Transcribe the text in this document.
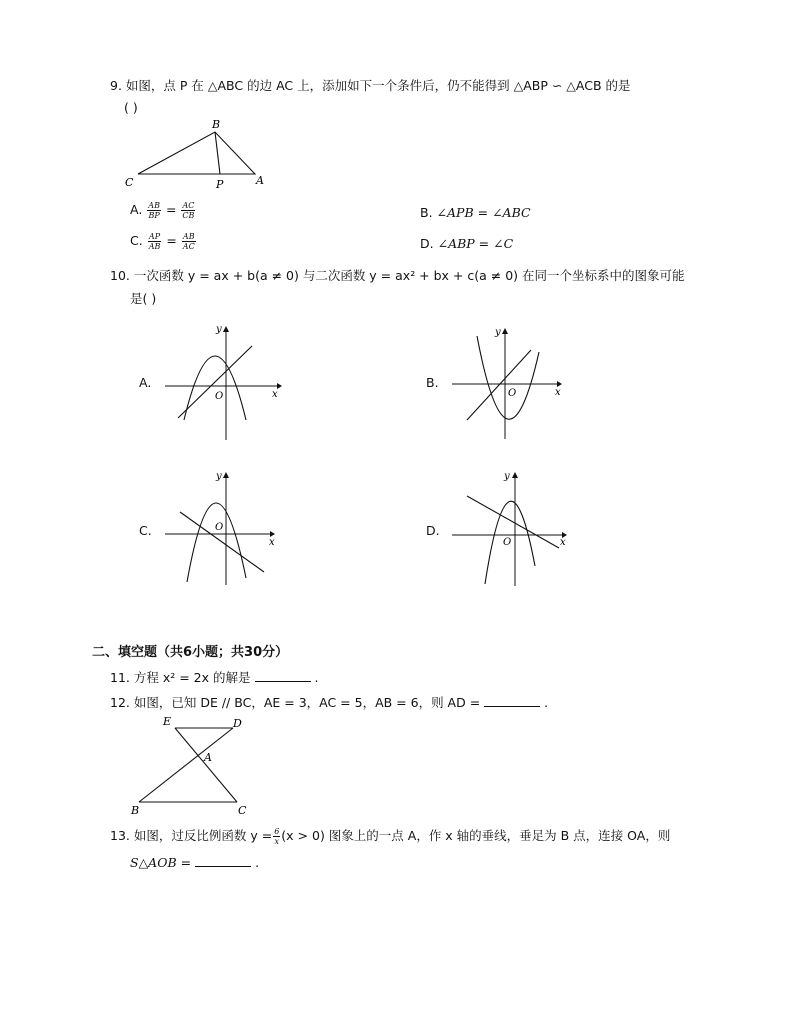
9. 如图，点 P 在 △ABC 的边 AC 上，添加如下一个条件后，仍不能得到 △ABP ∽ △ACB 的是
( )
B
C	P	A
A. $\frac{AB}{BP} = \frac{AC}{CB}$	B. ∠APB = ∠ABC
C. $\frac{AP}{AB} = \frac{AB}{AC}$	D. ∠ABP = ∠C
10. 一次函数 y = ax + b(a ≠ 0) 与二次函数 y = ax² + bx + c(a ≠ 0) 在同一个坐标系中的图象可能
是( )
A.
y
x
O
B.
y
x
O
C.
y
x
O	D.
y
x
O
二、填空题（共6小题；共30分）
11. 方程 x² = 2x 的解是	.
12. 如图，已知 DE // BC，AE = 3，AC = 5，AB = 6，则 AD =	.
E	D
A
B	C
13. 如图，过反比例函数 $y = \frac{6}{x} (x > 0)$ 图象上的一点 A，作 x 轴的垂线，垂足为 B 点，连接 OA，则
S△AOB =	.
